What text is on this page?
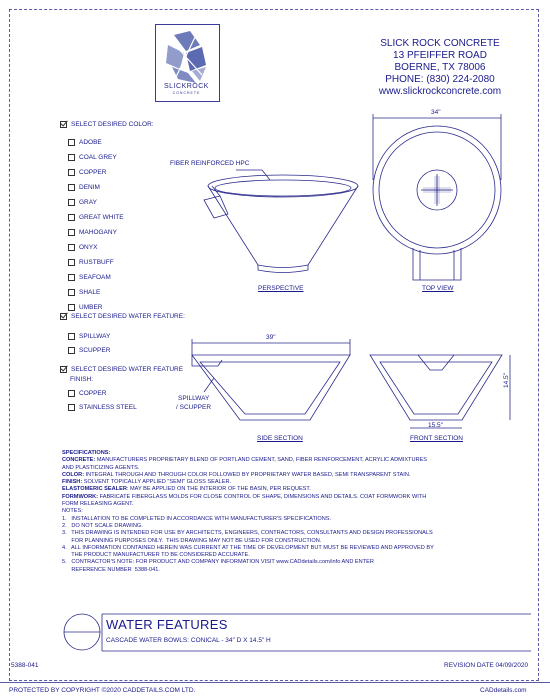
SLICKROCK
CONCRETE
SLICK ROCK CONCRETE
13 PFEIFFER ROAD
BOERNE, TX 78006
PHONE: (830) 224-2080
www.slickrockconcrete.com
SELECT DESIRED COLOR:
ADOBE
COAL GREY
COPPER
DENIM
GRAY
GREAT WHITE
MAHOGANY
ONYX
RUSTBUFF
SEAFOAM
SHALE
UMBER
SELECT DESIRED WATER FEATURE:
SPILLWAY
SCUPPER
SELECT DESIRED WATER FEATURE
FINISH:
COPPER
STAINLESS STEEL
FIBER REINFORCED HPC
PERSPECTIVE	TOP VIEW
34"
39"
SPILLWAY
/ SCUPPER
SIDE SECTION
15.5"
FRONT SECTION
14.5"
SPECIFICATIONS:
CONCRETE: MANUFACTURERS PROPRIETARY BLEND OF PORTLAND CEMENT, SAND, FIBER REINFORCEMENT, ACRYLIC ADMIXTURES
AND PLASTICIZING AGENTS.
COLOR: INTEGRAL THROUGH AND THROUGH COLOR FOLLOWED BY PROPRIETARY WATER BASED, SEMI TRANSPARENT STAIN.
FINISH: SOLVENT TOPICALLY APPLIED "SEMI" GLOSS SEALER.
ELASTOMERIC SEALER: MAY BE APPLIED ON THE INTERIOR OF THE BASIN, PER REQUEST.
FORMWORK: FABRICATE FIBERGLASS MOLDS FOR CLOSE CONTROL OF SHAPE, DIMENSIONS AND DETAILS. COAT FORMWORK WITH
FORM RELEASING AGENT.
NOTES:
1.   INSTALLATION TO BE COMPLETED IN ACCORDANCE WITH MANUFACTURER'S SPECIFICATIONS.
2.   DO NOT SCALE DRAWING.
3.   THIS DRAWING IS INTENDED FOR USE BY ARCHITECTS, ENGINEERS, CONTRACTORS, CONSULTANTS AND DESIGN PROFESSIONALS
FOR PLANNING PURPOSES ONLY.  THIS DRAWING MAY NOT BE USED FOR CONSTRUCTION.
4.   ALL INFORMATION CONTAINED HEREIN WAS CURRENT AT THE TIME OF DEVELOPMENT BUT MUST BE REVIEWED AND APPROVED BY
THE PRODUCT MANUFACTURER TO BE CONSIDERED ACCURATE.
5.   CONTRACTOR'S NOTE: FOR PRODUCT AND COMPANY INFORMATION VISIT www.CADdetails.com/info AND ENTER
REFERENCE NUMBER  5388-041.
WATER FEATURES
CASCADE WATER BOWLS: CONICAL - 34" D X 14.5" H
5388-041	REVISION DATE 04/09/2020
PROTECTED BY COPYRIGHT ©2020 CADDETAILS.COM LTD.	CADdetails.com
